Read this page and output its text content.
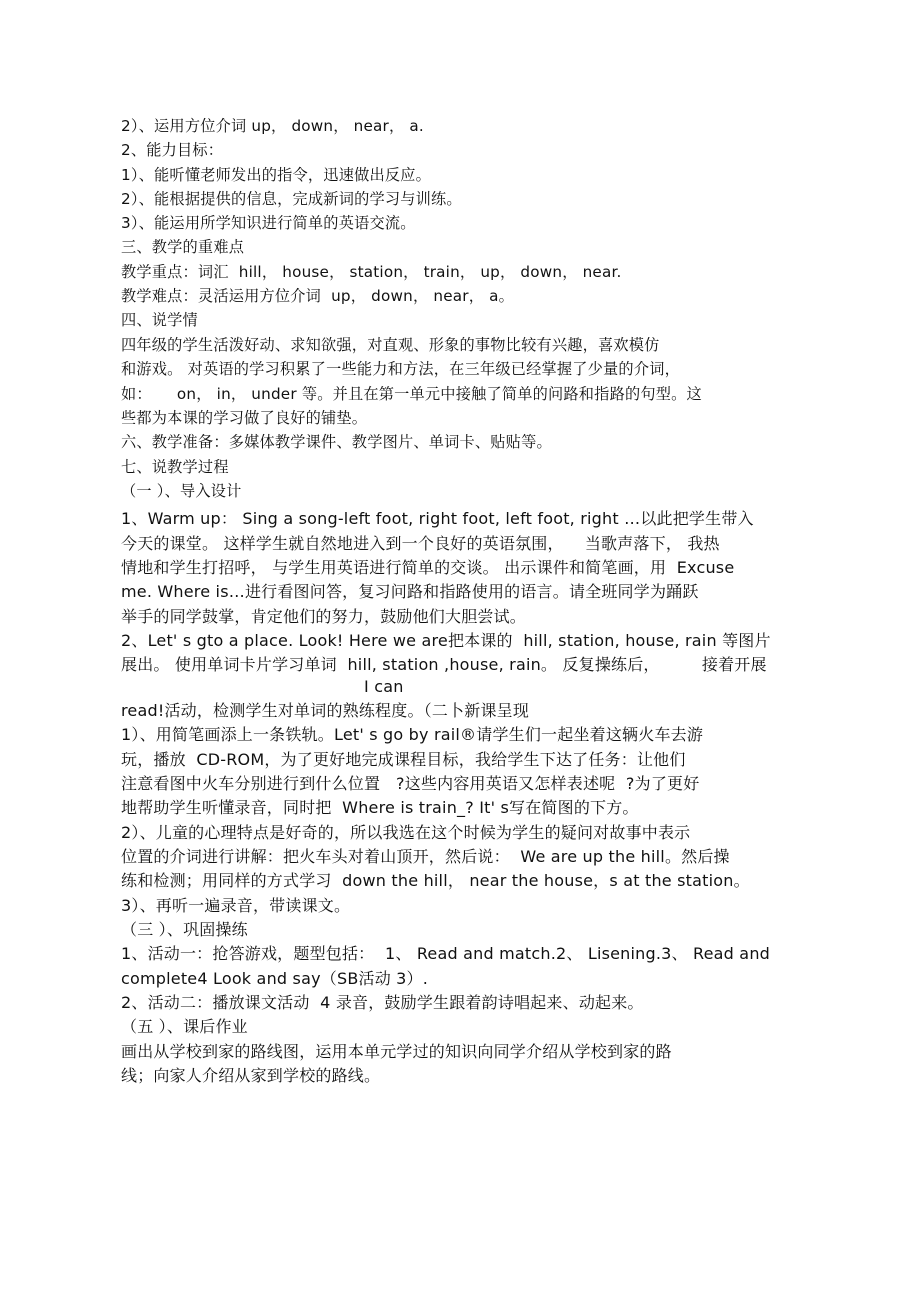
2）、运用方位介词 up， down， near， a.
2、能力目标：
1）、能听懂老师发出的指令，迅速做出反应。
2）、能根据提供的信息，完成新词的学习与训练。
3）、能运用所学知识进行简单的英语交流。
三、教学的重难点
教学重点：词汇  hill， house， station， train， up， down， near.
教学难点：灵活运用方位介词  up， down， near， a。
四、说学情
四年级的学生活泼好动、求知欲强，对直观、形象的事物比较有兴趣，喜欢模仿
和游戏。 对英语的学习积累了一些能力和方法，在三年级已经掌握了少量的介词，
如：     on， in， under 等。并且在第一单元中接触了简单的问路和指路的句型。这
些都为本课的学习做了良好的铺垫。
六、教学准备：多媒体教学课件、教学图片、单词卡、贴贴等。
七、说教学过程
（一 ）、导入设计
1、Warm up： Sing a song-left foot, right foot, left foot, right …以此把学生带入
今天的课堂。 这样学生就自然地进入到一个良好的英语氛围，    当歌声落下， 我热
情地和学生打招呼， 与学生用英语进行简单的交谈。 出示课件和简笔画，用  Excuse
me. Where is…进行看图问答，复习问路和指路使用的语言。请全班同学为踊跃
举手的同学鼓掌，肯定他们的努力，鼓励他们大胆尝试。
2、Let' s gto a place. Look! Here we are把本课的  hill, station, house, rain 等图片
展出。 使用单词卡片学习单词  hill, station ,house, rain。 反复操练后，        接着开展
I can
read!活动，检测学生对单词的熟练程度。（二卜新课呈现
1）、用简笔画添上一条铁轨。Let' s go by rail®请学生们一起坐着这辆火车去游
玩，播放  CD-ROM，为了更好地完成课程目标，我给学生下达了任务：让他们
注意看图中火车分别进行到什么位置   ?这些内容用英语又怎样表述呢  ?为了更好
地帮助学生听懂录音，同时把  Where is train_? It' s写在简图的下方。
2）、儿童的心理特点是好奇的，所以我选在这个时候为学生的疑问对故事中表示
位置的介词进行讲解：把火车头对着山顶开，然后说：  We are up the hill。然后操
练和检测；用同样的方式学习  down the hill， near the house，s at the station。
3）、再听一遍录音，带读课文。
（三 ）、巩固操练
1、活动一：抢答游戏，题型包括：  1、 Read and match.2、 Lisening.3、 Read and
complete4 Look and say（SB活动 3）.
2、活动二：播放课文活动  4 录音，鼓励学生跟着韵诗唱起来、动起来。
（五 ）、课后作业
画出从学校到家的路线图，运用本单元学过的知识向同学介绍从学校到家的路
线；向家人介绍从家到学校的路线。
